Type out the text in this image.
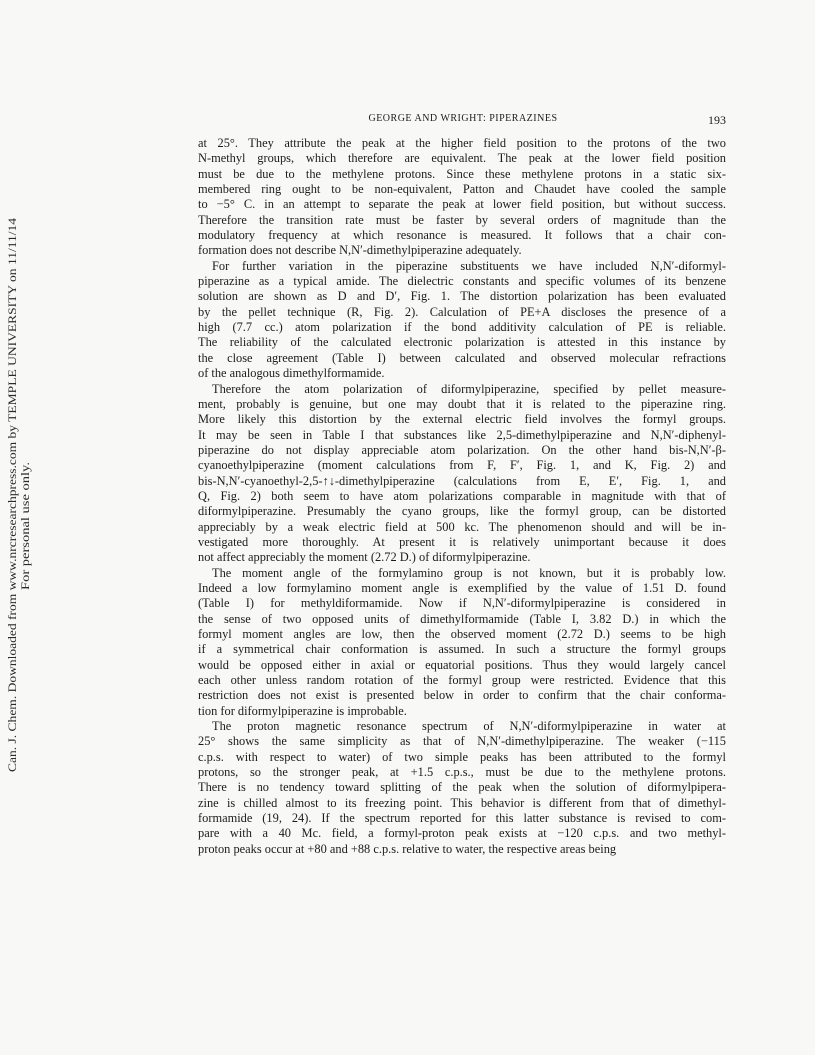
GEORGE AND WRIGHT: PIPERAZINES	193
Can. J. Chem. Downloaded from www.nrcresearchpress.com by TEMPLE UNIVERSITY on 11/11/14 For personal use only.

at 25°. They attribute the peak at the higher field position to the protons of the two
N-methyl groups, which therefore are equivalent. The peak at the lower field position
must be due to the methylene protons. Since these methylene protons in a static six-
membered ring ought to be non-equivalent, Patton and Chaudet have cooled the sample
to −5° C. in an attempt to separate the peak at lower field position, but without success.
Therefore the transition rate must be faster by several orders of magnitude than the
modulatory frequency at which resonance is measured. It follows that a chair con-
formation does not describe N,N′-dimethylpiperazine adequately.

For further variation in the piperazine substituents we have included N,N′-diformyl-
piperazine as a typical amide. The dielectric constants and specific volumes of its benzene
solution are shown as D and D′, Fig. 1. The distortion polarization has been evaluated
by the pellet technique (R, Fig. 2). Calculation of PE+A discloses the presence of a
high (7.7 cc.) atom polarization if the bond additivity calculation of PE is reliable.
The reliability of the calculated electronic polarization is attested in this instance by
the close agreement (Table I) between calculated and observed molecular refractions
of the analogous dimethylformamide.

Therefore the atom polarization of diformylpiperazine, specified by pellet measure-
ment, probably is genuine, but one may doubt that it is related to the piperazine ring.
More likely this distortion by the external electric field involves the formyl groups.
It may be seen in Table I that substances like 2,5-dimethylpiperazine and N,N′-diphenyl-
piperazine do not display appreciable atom polarization. On the other hand bis-N,N′-β-
cyanoethylpiperazine (moment calculations from F, F′, Fig. 1, and K, Fig. 2) and
bis-N,N′-cyanoethyl-2,5-↑↓-dimethylpiperazine (calculations from E, E′, Fig. 1, and
Q, Fig. 2) both seem to have atom polarizations comparable in magnitude with that of
diformylpiperazine. Presumably the cyano groups, like the formyl group, can be distorted
appreciably by a weak electric field at 500 kc. The phenomenon should and will be in-
vestigated more thoroughly. At present it is relatively unimportant because it does
not affect appreciably the moment (2.72 D.) of diformylpiperazine.

The moment angle of the formylamino group is not known, but it is probably low.
Indeed a low formylamino moment angle is exemplified by the value of 1.51 D. found
(Table I) for methyldiformamide. Now if N,N′-diformylpiperazine is considered in
the sense of two opposed units of dimethylformamide (Table I, 3.82 D.) in which the
formyl moment angles are low, then the observed moment (2.72 D.) seems to be high
if a symmetrical chair conformation is assumed. In such a structure the formyl groups
would be opposed either in axial or equatorial positions. Thus they would largely cancel
each other unless random rotation of the formyl group were restricted. Evidence that this
restriction does not exist is presented below in order to confirm that the chair conforma-
tion for diformylpiperazine is improbable.

The proton magnetic resonance spectrum of N,N′-diformylpiperazine in water at
25° shows the same simplicity as that of N,N′-dimethylpiperazine. The weaker (−115
c.p.s. with respect to water) of two simple peaks has been attributed to the formyl
protons, so the stronger peak, at +1.5 c.p.s., must be due to the methylene protons.
There is no tendency toward splitting of the peak when the solution of diformylpipera-
zine is chilled almost to its freezing point. This behavior is different from that of dimethyl-
formamide (19, 24). If the spectrum reported for this latter substance is revised to com-
pare with a 40 Mc. field, a formyl-proton peak exists at −120 c.p.s. and two methyl-
proton peaks occur at +80 and +88 c.p.s. relative to water, the respective areas being
